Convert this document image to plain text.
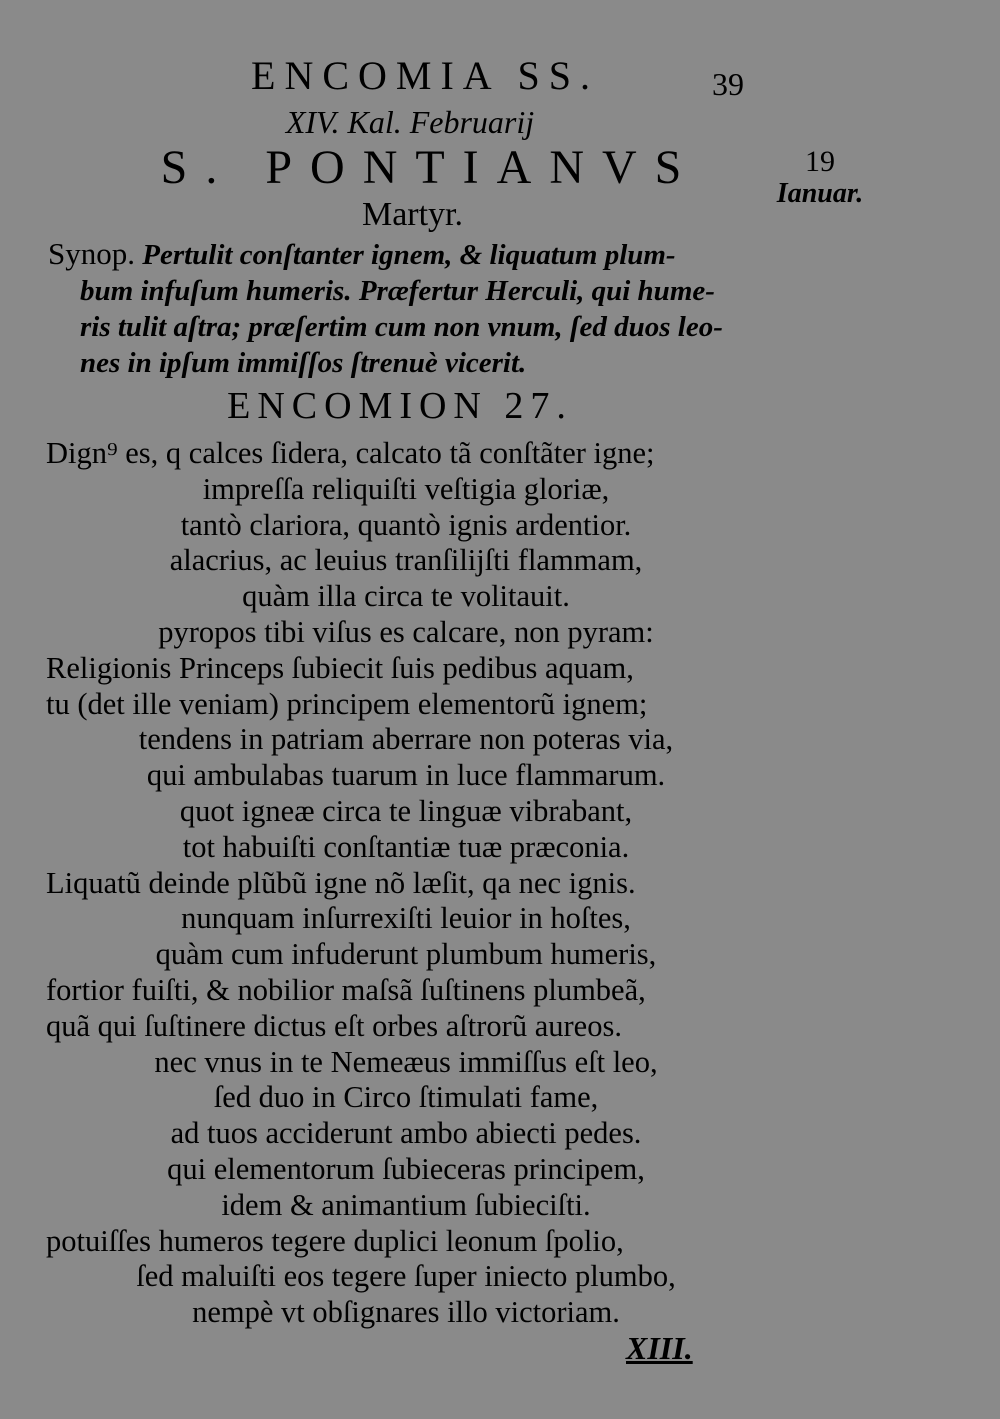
ENCOMIA SS.	39
XIV. Kal. Februarij
S. PONTIANVS
Martyr.
19
Ianuar.
Synop. Pertulit conſtanter ignem, & liquatum plum-
bum infuſum humeris. Præfertur Herculi, qui hume-
ris tulit aſtra; præſertim cum non vnum, ſed duos leo-
nes in ipſum immiſſos ſtrenuè vicerit.
ENCOMION 27.
Dign⁹ es, q calces ſidera, calcato tã conſtãter igne;
impreſſa reliquiſti veſtigia gloriæ,
tantò clariora, quantò ignis ardentior.
alacrius, ac leuius tranſilijſti flammam,
quàm illa circa te volitauit.
pyropos tibi viſus es calcare, non pyram:
Religionis Princeps ſubiecit ſuis pedibus aquam,
tu (det ille veniam) principem elementorũ ignem;
tendens in patriam aberrare non poteras via,
qui ambulabas tuarum in luce flammarum.
quot igneæ circa te linguæ vibrabant,
tot habuiſti conſtantiæ tuæ præconia.
Liquatũ deinde plũbũ igne nõ læſit, qa nec ignis.
nunquam inſurrexiſti leuior in hoſtes,
quàm cum infuderunt plumbum humeris,
fortior fuiſti, & nobilior maſsã ſuſtinens plumbeã,
quã qui ſuſtinere dictus eſt orbes aſtrorũ aureos.
nec vnus in te Nemeæus immiſſus eſt leo,
ſed duo in Circo ſtimulati fame,
ad tuos acciderunt ambo abiecti pedes.
qui elementorum ſubieceras principem,
idem & animantium ſubieciſti.
potuiſſes humeros tegere duplici leonum ſpolio,
ſed maluiſti eos tegere ſuper iniecto plumbo,
nempè vt obſignares illo victoriam.
XIII.
